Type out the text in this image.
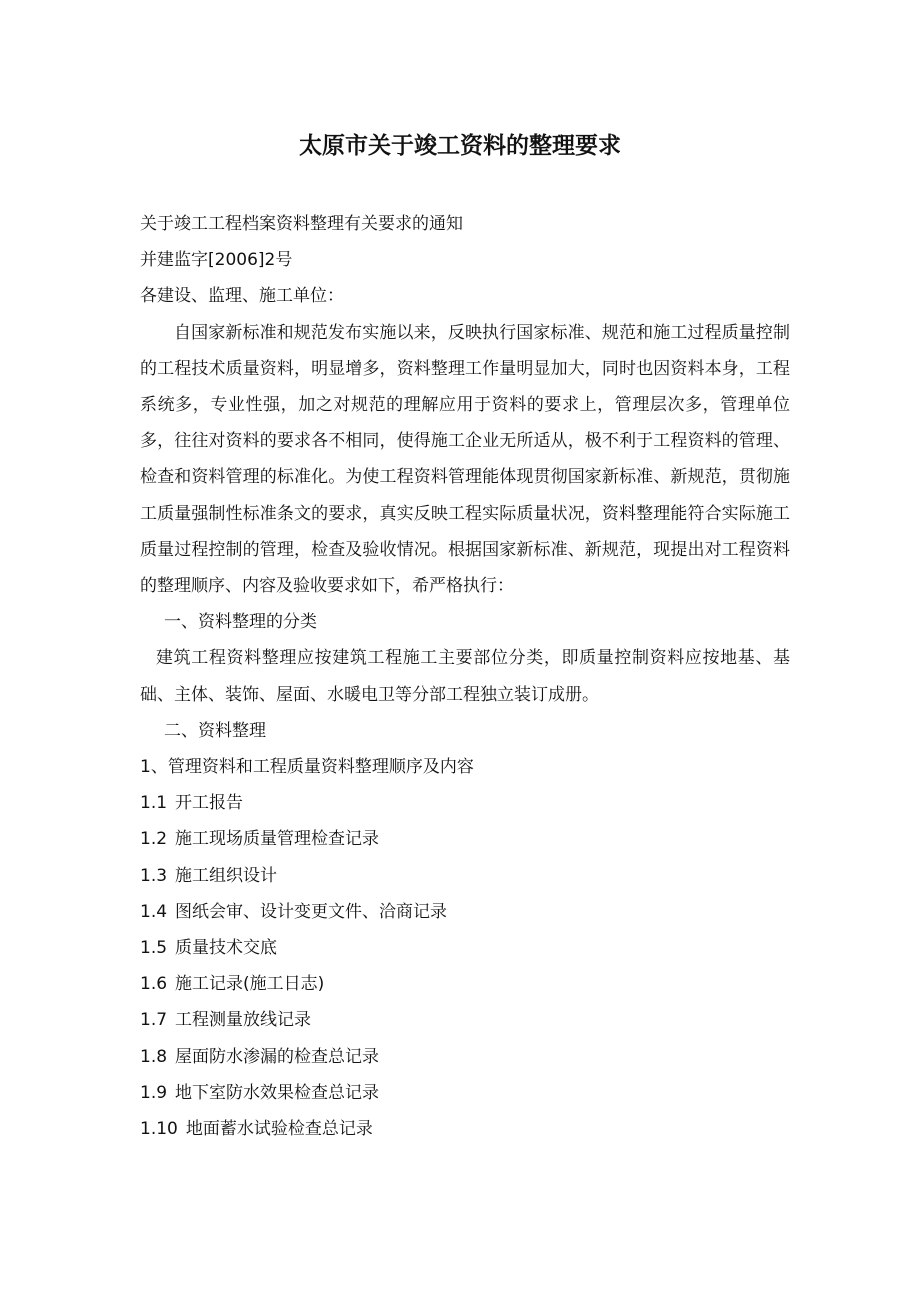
太原市关于竣工资料的整理要求

关于竣工工程档案资料整理有关要求的通知

并建监字[2006]2号

各建设、监理、施工单位：

自国家新标准和规范发布实施以来，反映执行国家标准、规范和施工过程质量控制的工程技术质量资料，明显增多，资料整理工作量明显加大，同时也因资料本身，工程系统多，专业性强，加之对规范的理解应用于资料的要求上，管理层次多，管理单位多，往往对资料的要求各不相同，使得施工企业无所适从，极不利于工程资料的管理、检查和资料管理的标准化。为使工程资料管理能体现贯彻国家新标准、新规范，贯彻施工质量强制性标准条文的要求，真实反映工程实际质量状况，资料整理能符合实际施工质量过程控制的管理，检查及验收情况。根据国家新标准、新规范，现提出对工程资料的整理顺序、内容及验收要求如下，希严格执行：

一、资料整理的分类

建筑工程资料整理应按建筑工程施工主要部位分类，即质量控制资料应按地基、基础、主体、装饰、屋面、水暖电卫等分部工程独立装订成册。

二、资料整理

1、管理资料和工程质量资料整理顺序及内容

1.1 开工报告

1.2 施工现场质量管理检查记录

1.3 施工组织设计

1.4 图纸会审、设计变更文件、洽商记录

1.5 质量技术交底

1.6 施工记录(施工日志)

1.7 工程测量放线记录

1.8 屋面防水渗漏的检查总记录

1.9 地下室防水效果检查总记录

1.10 地面蓄水试验检查总记录
